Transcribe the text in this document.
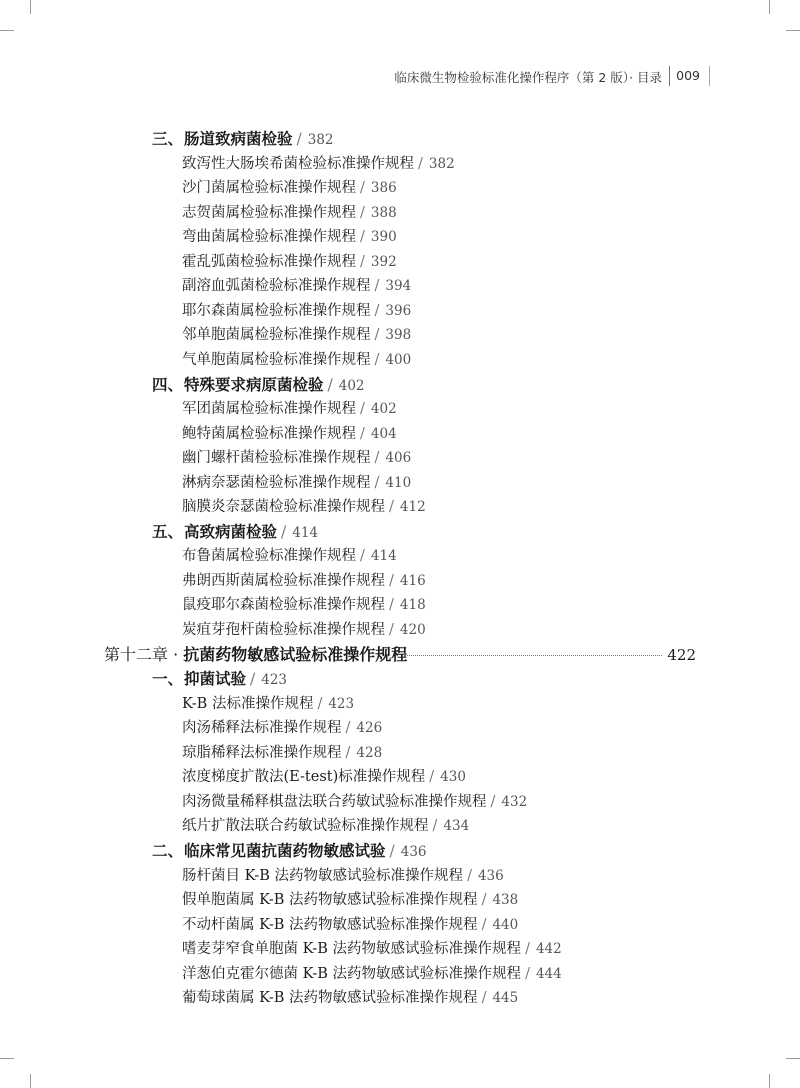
临床微生物检验标准化操作程序（第 2 版）· 目录 009
三、肠道致病菌检验 / 382
致泻性大肠埃希菌检验标准操作规程 / 382
沙门菌属检验标准操作规程 / 386
志贺菌属检验标准操作规程 / 388
弯曲菌属检验标准操作规程 / 390
霍乱弧菌检验标准操作规程 / 392
副溶血弧菌检验标准操作规程 / 394
耶尔森菌属检验标准操作规程 / 396
邻单胞菌属检验标准操作规程 / 398
气单胞菌属检验标准操作规程 / 400
四、特殊要求病原菌检验 / 402
军团菌属检验标准操作规程 / 402
鲍特菌属检验标准操作规程 / 404
幽门螺杆菌检验标准操作规程 / 406
淋病奈瑟菌检验标准操作规程 / 410
脑膜炎奈瑟菌检验标准操作规程 / 412
五、高致病菌检验 / 414
布鲁菌属检验标准操作规程 / 414
弗朗西斯菌属检验标准操作规程 / 416
鼠疫耶尔森菌检验标准操作规程 / 418
炭疽芽孢杆菌检验标准操作规程 / 420
第十二章 · 抗菌药物敏感试验标准操作规程	422
一、抑菌试验 / 423
K-B 法标准操作规程 / 423
肉汤稀释法标准操作规程 / 426
琼脂稀释法标准操作规程 / 428
浓度梯度扩散法(E-test)标准操作规程 / 430
肉汤微量稀释棋盘法联合药敏试验标准操作规程 / 432
纸片扩散法联合药敏试验标准操作规程 / 434
二、临床常见菌抗菌药物敏感试验 / 436
肠杆菌目 K-B 法药物敏感试验标准操作规程 / 436
假单胞菌属 K-B 法药物敏感试验标准操作规程 / 438
不动杆菌属 K-B 法药物敏感试验标准操作规程 / 440
嗜麦芽窄食单胞菌 K-B 法药物敏感试验标准操作规程 / 442
洋葱伯克霍尔德菌 K-B 法药物敏感试验标准操作规程 / 444
葡萄球菌属 K-B 法药物敏感试验标准操作规程 / 445
